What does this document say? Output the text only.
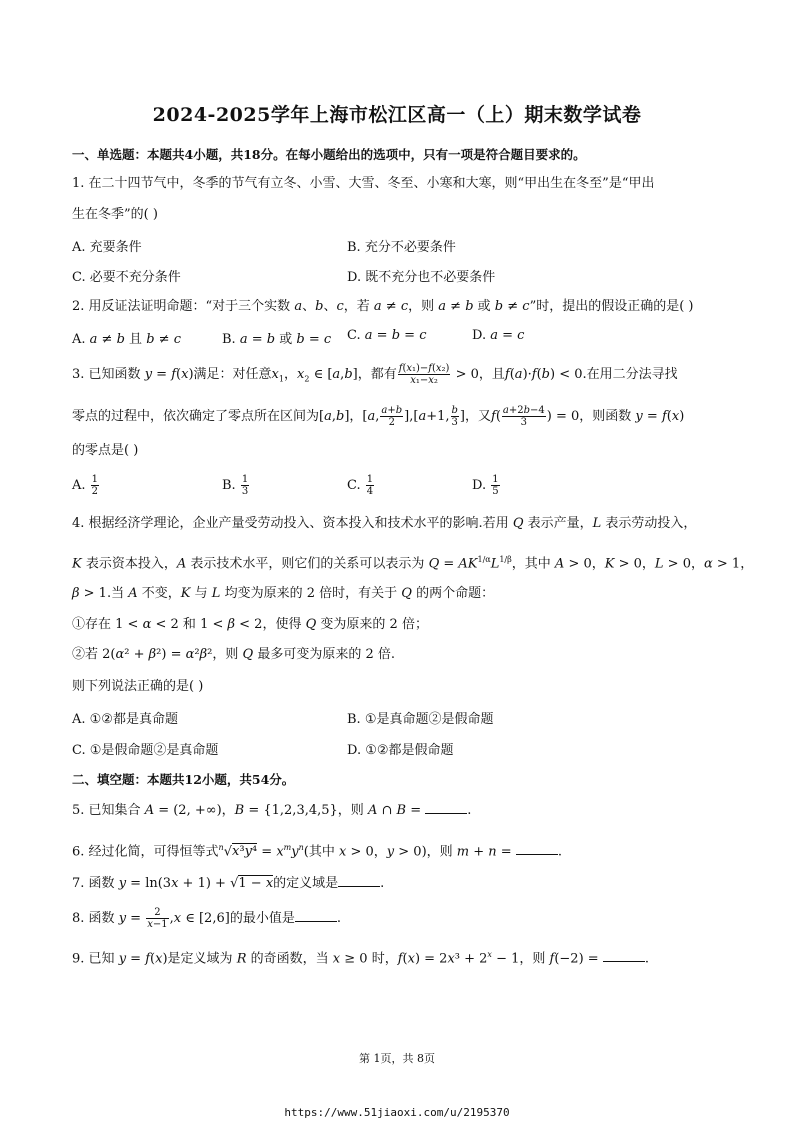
2024-2025学年上海市松江区高一（上）期末数学试卷
一、单选题：本题共4小题，共18分。在每小题给出的选项中，只有一项是符合题目要求的。
1. 在二十四节气中，冬季的节气有立冬、小雪、大雪、冬至、小寒和大寒，则“甲出生在冬至”是“甲出
生在冬季”的( )
A. 充要条件	B. 充分不必要条件
C. 必要不充分条件	D. 既不充分也不必要条件
2. 用反证法证明命题：“对于三个实数 a、b、c，若 a ≠ c，则 a ≠ b 或 b ≠ c”时，提出的假设正确的是( )
A. a ≠ b 且 b ≠ c	B. a = b 或 b = c C. a = b = c	D. a = c
3. 已知函数 y = f(x)满足：对任意$x_1$，$x_2$ ∈ [a,b]，都有 $\frac{\text{f(x₁)−f(x₂)}}{\text{x₁−x₂}} > 0$，且f(a)·f(b) < 0.在用二分法寻找
零点的过程中，依次确定了零点所在区间为[a,b]，[a, $\frac{a+b}{2} ],[a+1$, $\frac{b}{3}$ ]，又$f( \frac{a+2b-4}{3}$ ) = 0，则函数 y = f(x)
的零点是( )
A. $\frac{1}{2}$	B. $\frac{1}{3}$	C. $\frac{1}{4}$	D. $\frac{1}{5}$
4. 根据经济学理论，企业产量受劳动投入、资本投入和技术水平的影响.若用 Q 表示产量，L 表示劳动投入，
K 表示资本投入，A 表示技术水平，则它们的关系可以表示为 $Q = AK^{1/\alpha}L^{1/\beta}$，其中 A > 0，K > 0，L > 0，α > 1，
β > 1.当 A 不变，K 与 L 均变为原来的 2 倍时，有关于 Q 的两个命题：
①存在 1 < α < 2 和 1 < β < 2，使得 Q 变为原来的 2 倍；
②若 2(α² + β²) = α²β²，则 Q 最多可变为原来的 2 倍.
则下列说法正确的是( )
A. ①②都是真命题	B. ①是真命题②是假命题
C. ①是假命题②是真命题	D. ①②都是假命题
二、填空题：本题共12小题，共54分。
5. 已知集合 A = (2, +∞)，B = {1,2,3,4,5}，则 A ∩ B =	.
6. 经过化简，可得恒等式$^n√x^3y^4 = x^my^n$(其中 x > 0，y > 0)，则 m + n =	.
7. 函数 y = ln(3x + 1) + √1 − x的定义域是	.
8. 函数 $y = \frac{2}{x-1} ,x$ ∈ [2,6]的最小值是	.
9. 已知 y = f(x)是定义域为 R 的奇函数，当 x ≥ 0 时，$f(x) = 2x^3 + 2^x - 1$，则 f(−2) =	.
第 1页，共 8页
https://www.51jiaoxi.com/u/2195370
